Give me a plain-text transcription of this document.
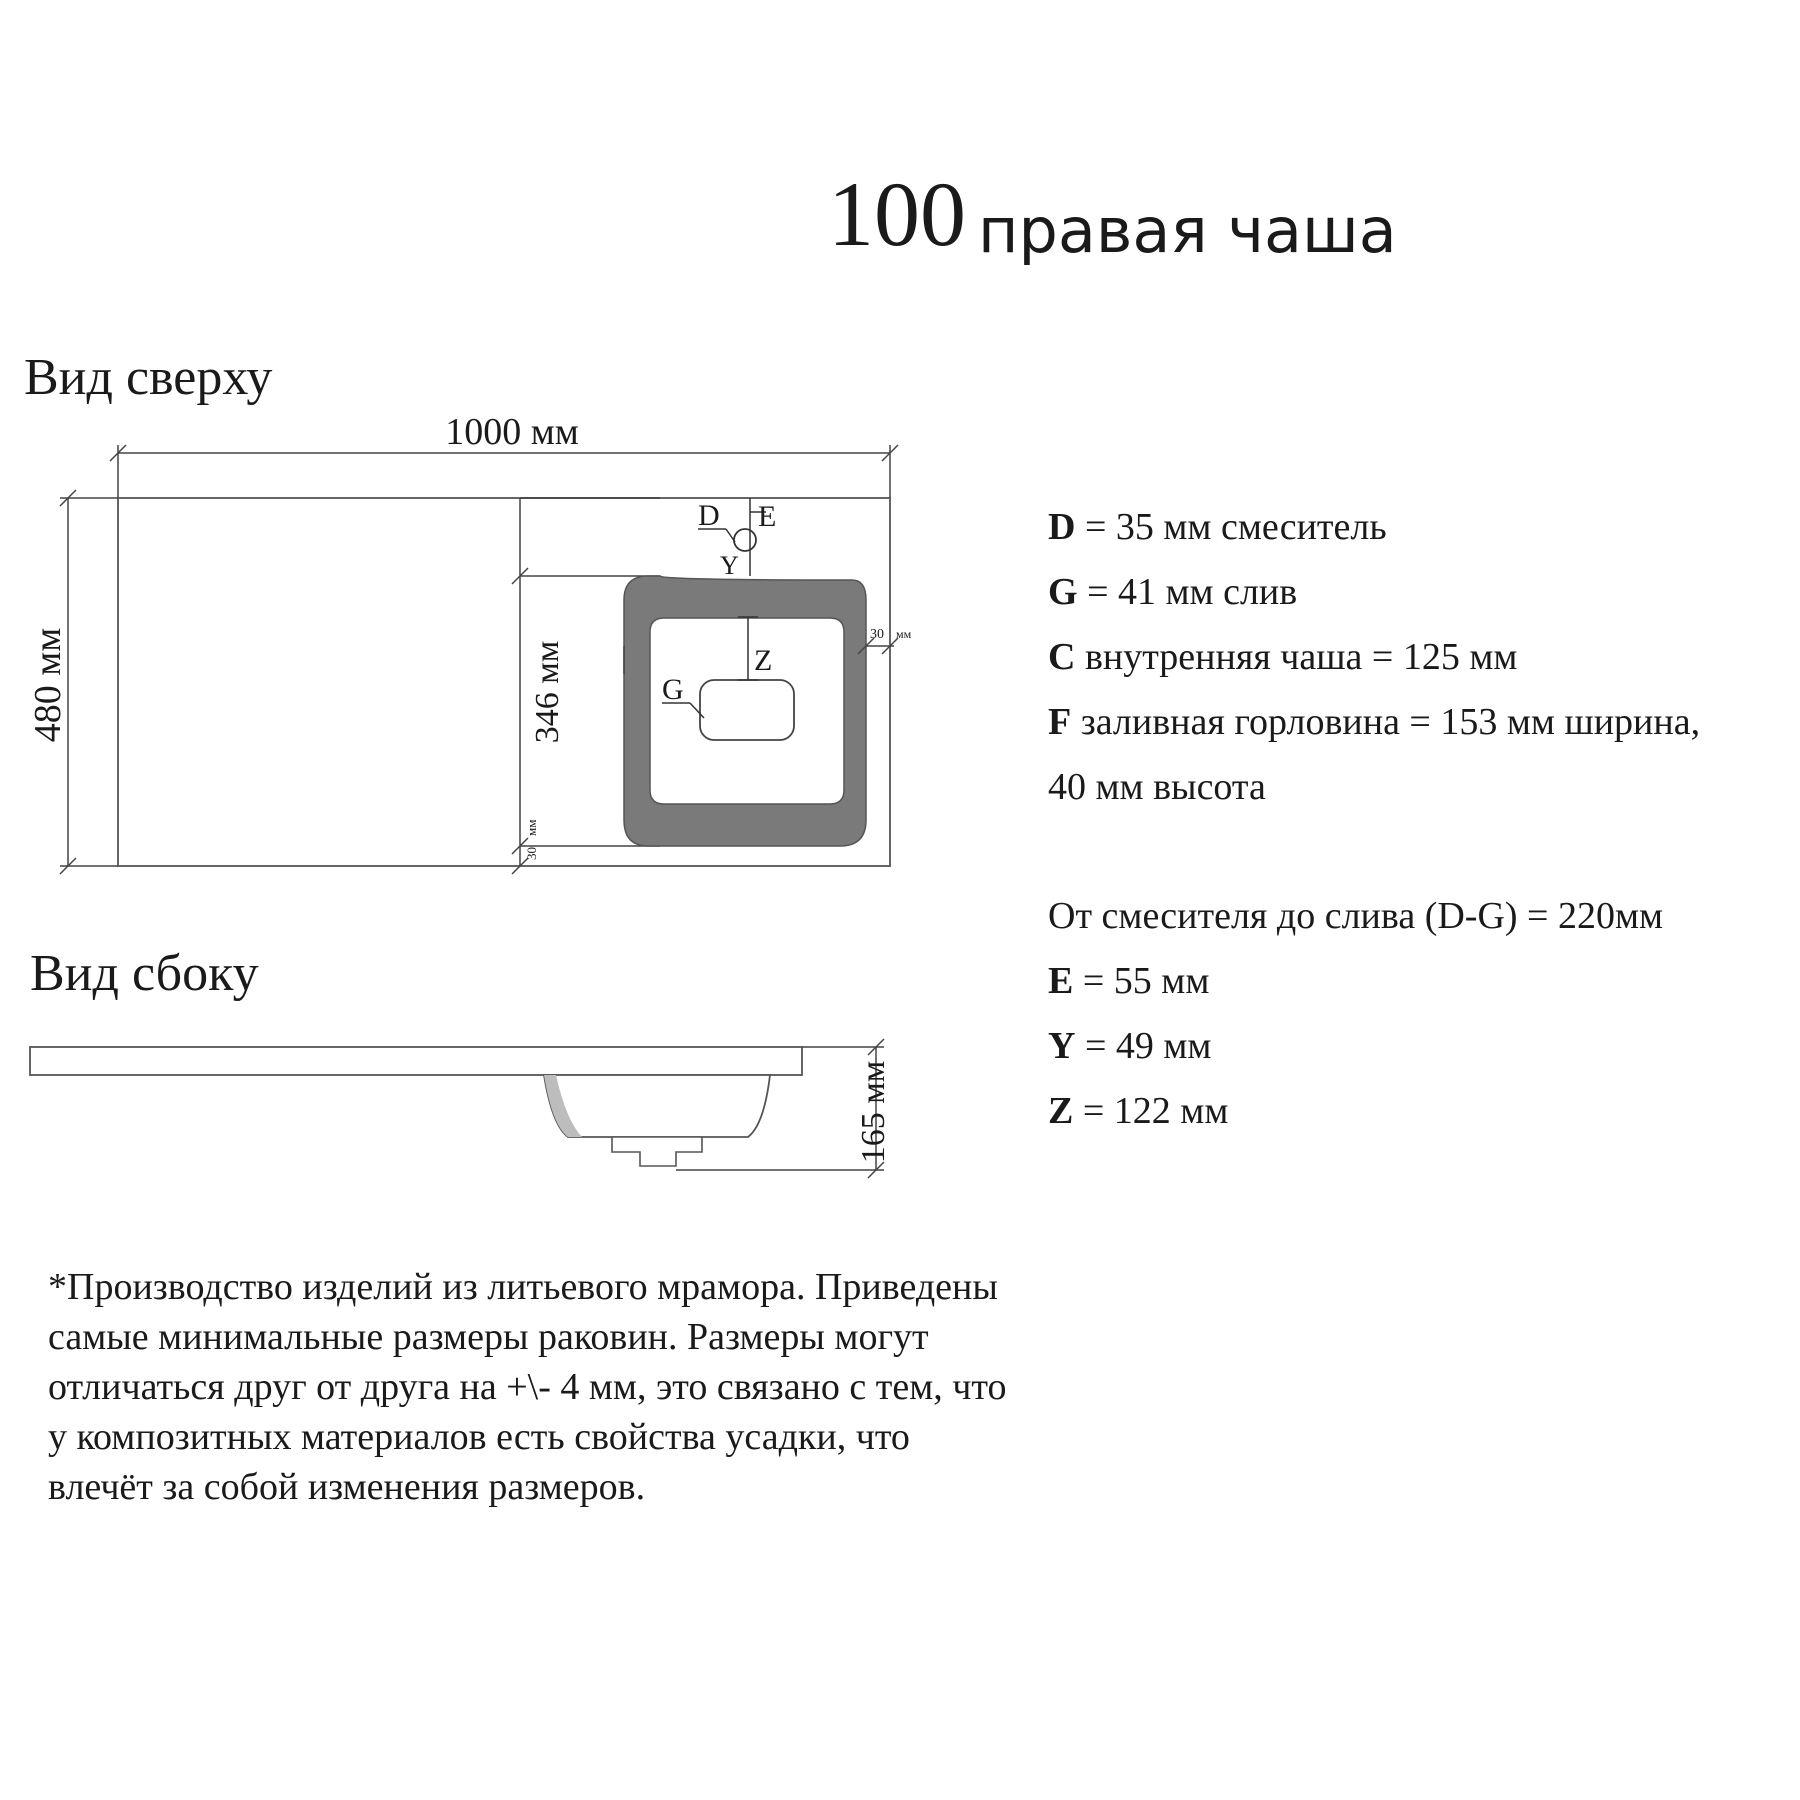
100 правая чаша
Вид сверху
Вид сбоку
1000 мм
480 мм	346 мм
30
мм
30 мм
D E
Y
Z
G
165 мм
D = 35 мм смеситель
G = 41 мм слив
C внутренняя чаша = 125 мм
F заливная горловина = 153 мм ширина,
40 мм высота
От смесителя до слива (D-G) = 220мм
E = 55 мм
Y = 49 мм
Z = 122 мм
*Производство изделий из литьевого мрамора. Приведены
самые минимальные размеры раковин. Размеры могут
отличаться друг от друга на +\- 4 мм, это связано с тем, что
у композитных материалов есть свойства усадки, что
влечёт за собой изменения размеров.
